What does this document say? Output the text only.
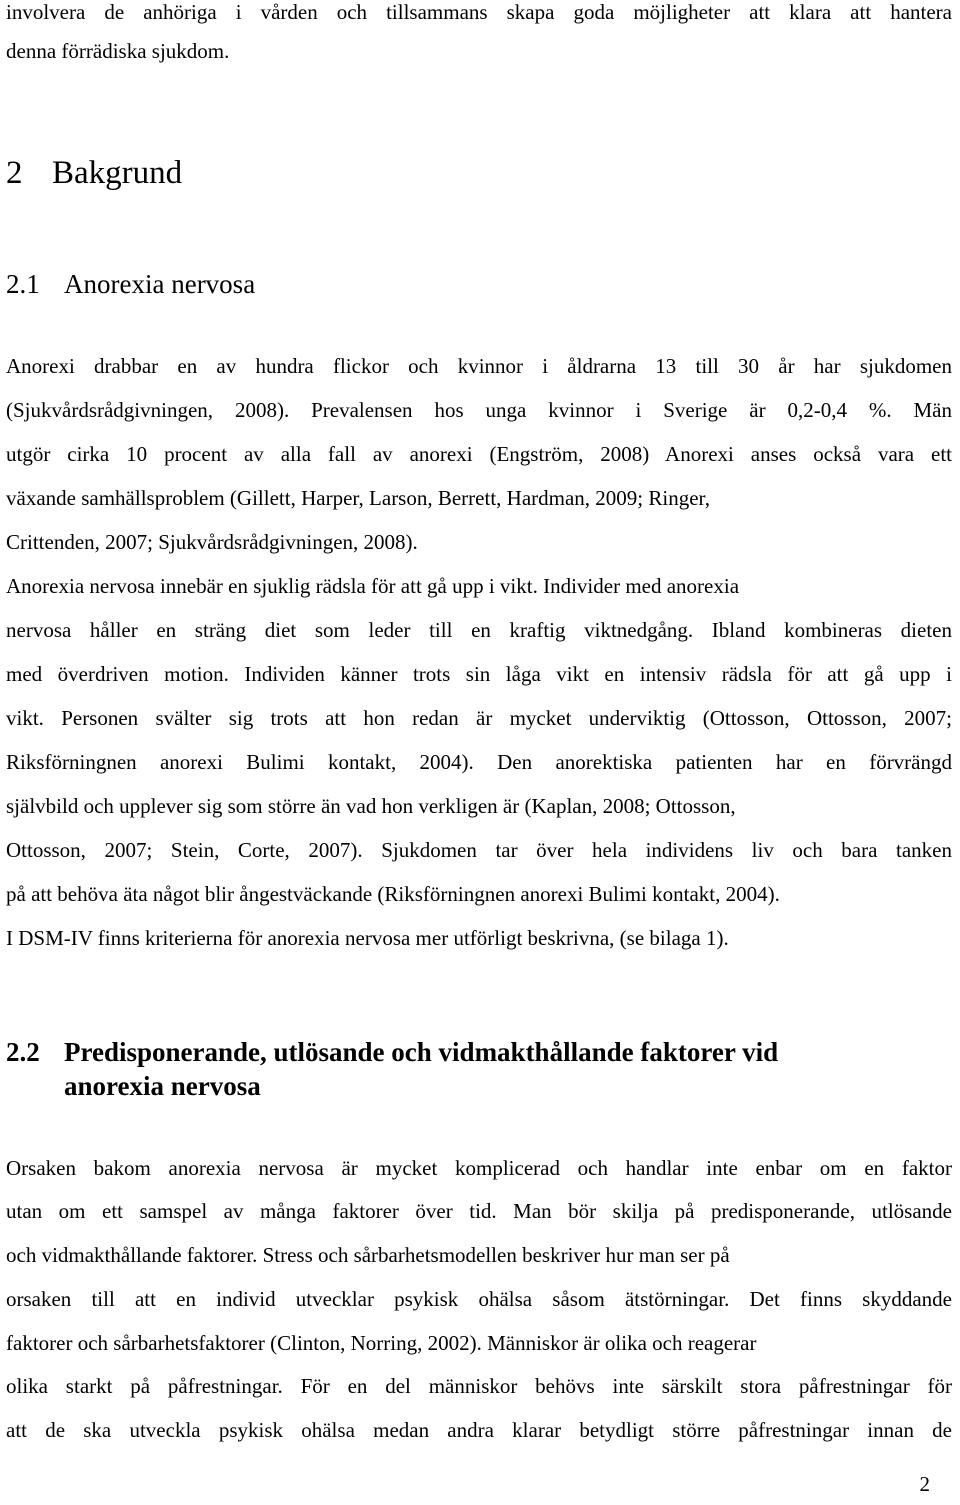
involvera de anhöriga i vården och tillsammans skapa goda möjligheter att klara att hantera

denna förrädiska sjukdom.

2 Bakgrund
2.1 Anorexia nervosa

Anorexi drabbar en av hundra flickor och kvinnor i åldrarna 13 till 30 år har sjukdomen

(Sjukvårdsrådgivningen, 2008). Prevalensen hos unga kvinnor i Sverige är 0,2-0,4 %. Män

utgör cirka 10 procent av alla fall av anorexi (Engström, 2008) Anorexi anses också vara ett

växande samhällsproblem (Gillett, Harper, Larson, Berrett, Hardman, 2009; Ringer,

Crittenden, 2007; Sjukvårdsrådgivningen, 2008).

Anorexia nervosa innebär en sjuklig rädsla för att gå upp i vikt. Individer med anorexia

nervosa håller en sträng diet som leder till en kraftig viktnedgång. Ibland kombineras dieten

med överdriven motion. Individen känner trots sin låga vikt en intensiv rädsla för att gå upp i

vikt. Personen svälter sig trots att hon redan är mycket underviktig (Ottosson, Ottosson, 2007;

Riksförningnen anorexi Bulimi kontakt, 2004). Den anorektiska patienten har en förvrängd

självbild och upplever sig som större än vad hon verkligen är (Kaplan, 2008; Ottosson,

Ottosson, 2007; Stein, Corte, 2007). Sjukdomen tar över hela individens liv och bara tanken

på att behöva äta något blir ångestväckande (Riksförningnen anorexi Bulimi kontakt, 2004).

I DSM-IV finns kriterierna för anorexia nervosa mer utförligt beskrivna, (se bilaga 1).

2.2 Predisponerande, utlösande och vidmakthållande faktorer vid
anorexia nervosa

Orsaken bakom anorexia nervosa är mycket komplicerad och handlar inte enbar om en faktor

utan om ett samspel av många faktorer över tid. Man bör skilja på predisponerande, utlösande

och vidmakthållande faktorer. Stress och sårbarhetsmodellen beskriver hur man ser på

orsaken till att en individ utvecklar psykisk ohälsa såsom ätstörningar. Det finns skyddande

faktorer och sårbarhetsfaktorer (Clinton, Norring, 2002). Människor är olika och reagerar

olika starkt på påfrestningar. För en del människor behövs inte särskilt stora påfrestningar för

att de ska utveckla psykisk ohälsa medan andra klarar betydligt större påfrestningar innan de

2
